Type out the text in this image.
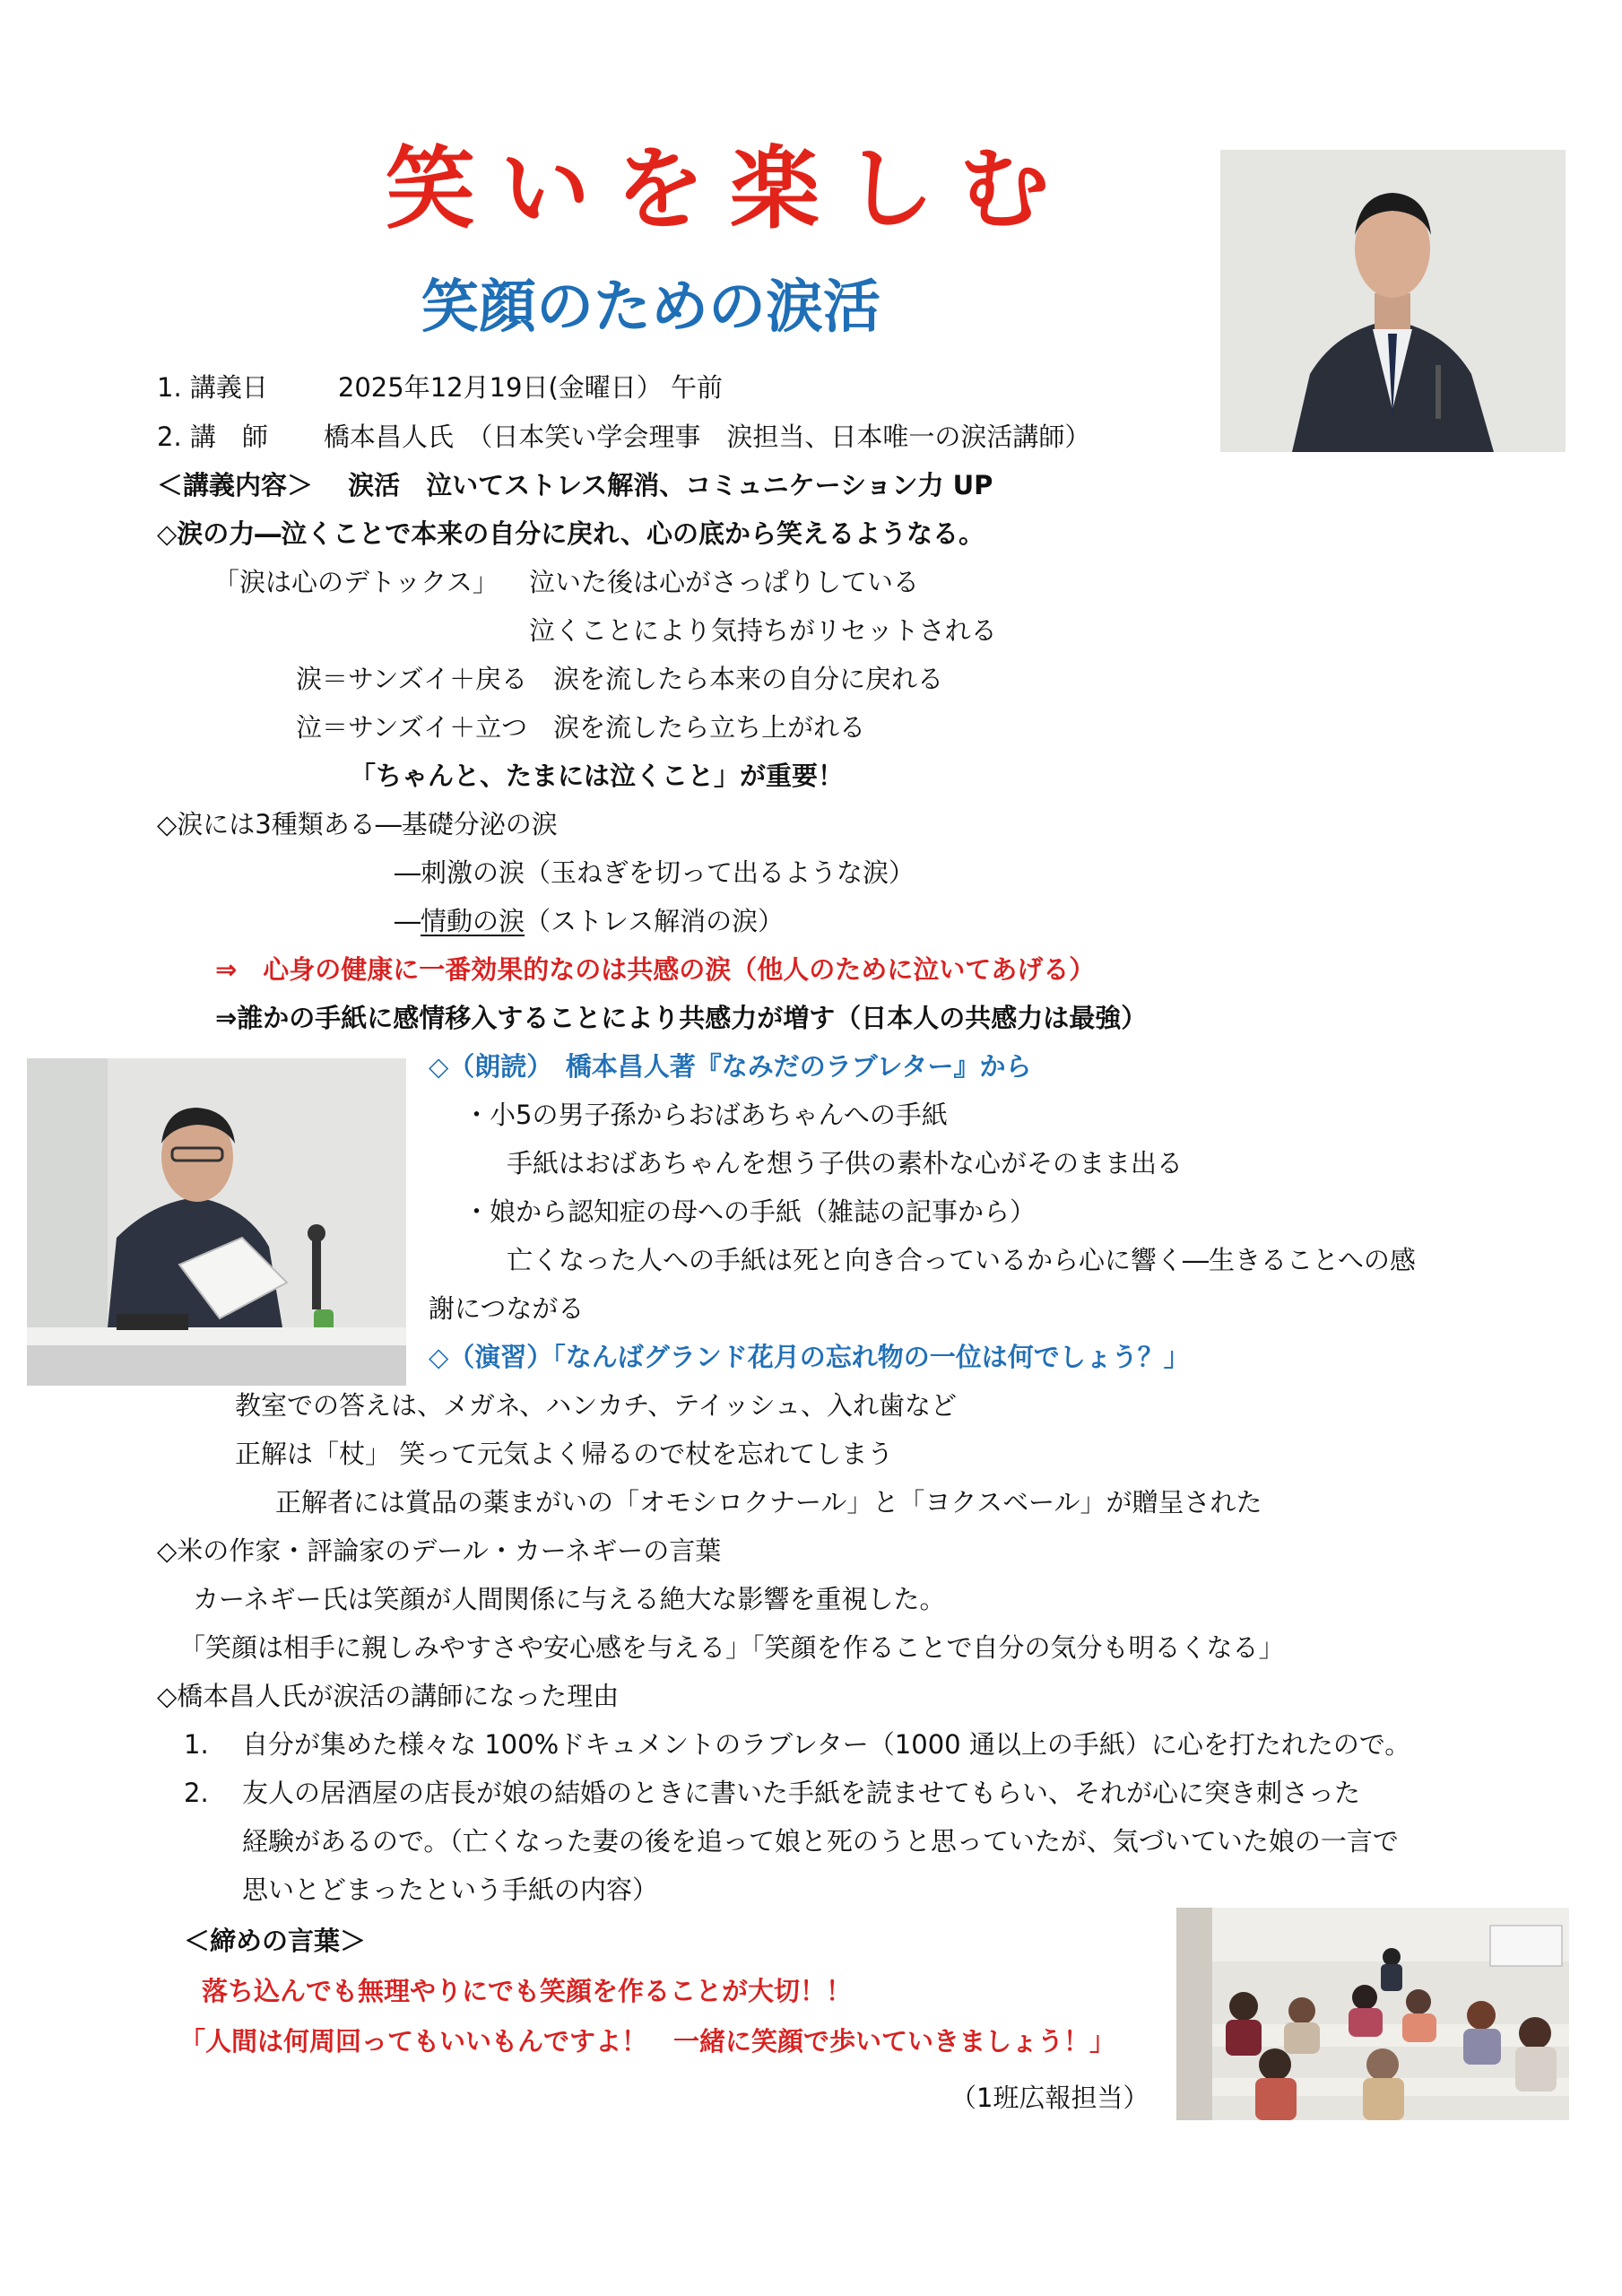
笑いを楽しむ
笑顔のための涙活
1. 講義日	2025年12月19日(金曜日） 午前
2. 講　師 橋本昌人氏　（日本笑い学会理事　涙担当、日本唯一の涙活講師）
＜講義内容＞　 涙活　泣いてストレス解消、コミュニケーション力 UP
◇涙の力―泣くことで本来の自分に戻れ、心の底から笑えるようなる。
「涙は心のデトックス」 泣いた後は心がさっぱりしている
泣くことにより気持ちがリセットされる
涙＝サンズイ＋戻る　涙を流したら本来の自分に戻れる
泣＝サンズイ＋立つ　涙を流したら立ち上がれる
「ちゃんと、たまには泣くこと」が重要！
◇涙には3種類ある―基礎分泌の涙
―刺激の涙（玉ねぎを切って出るような涙）
―情動の涙（ストレス解消の涙）
⇒　心身の健康に一番効果的なのは共感の涙（他人のために泣いてあげる）
⇒誰かの手紙に感情移入することにより共感力が増す（日本人の共感力は最強）
◇（朗読）　橋本昌人著『なみだのラブレター』から
・小5の男子孫からおばあちゃんへの手紙
手紙はおばあちゃんを想う子供の素朴な心がそのまま出る
・娘から認知症の母への手紙（雑誌の記事から）
亡くなった人への手紙は死と向き合っているから心に響く―生きることへの感
謝につながる
◇（演習）「なんばグランド花月の忘れ物の一位は何でしょう？」
教室での答えは、メガネ、ハンカチ、テイッシュ、入れ歯など
正解は「杖」 笑って元気よく帰るので杖を忘れてしまう
正解者には賞品の薬まがいの「オモシロクナール」と「ヨクスベール」が贈呈された
◇米の作家・評論家のデール・カーネギーの言葉
カーネギー氏は笑顔が人間関係に与える絶大な影響を重視した。
「笑顔は相手に親しみやすさや安心感を与える」「笑顔を作ることで自分の気分も明るくなる」
◇橋本昌人氏が涙活の講師になった理由
1. 自分が集めた様々な 100%ドキュメントのラブレター（1000 通以上の手紙）に心を打たれたので。
2. 友人の居酒屋の店長が娘の結婚のときに書いた手紙を読ませてもらい、それが心に突き刺さった
経験があるので。（亡くなった妻の後を追って娘と死のうと思っていたが、気づいていた娘の一言で
思いとどまったという手紙の内容）
＜締めの言葉＞
落ち込んでも無理やりにでも笑顔を作ることが大切！！
「人間は何周回ってもいいもんですよ！　一緒に笑顔で歩いていきましょう！」
（1班広報担当）
